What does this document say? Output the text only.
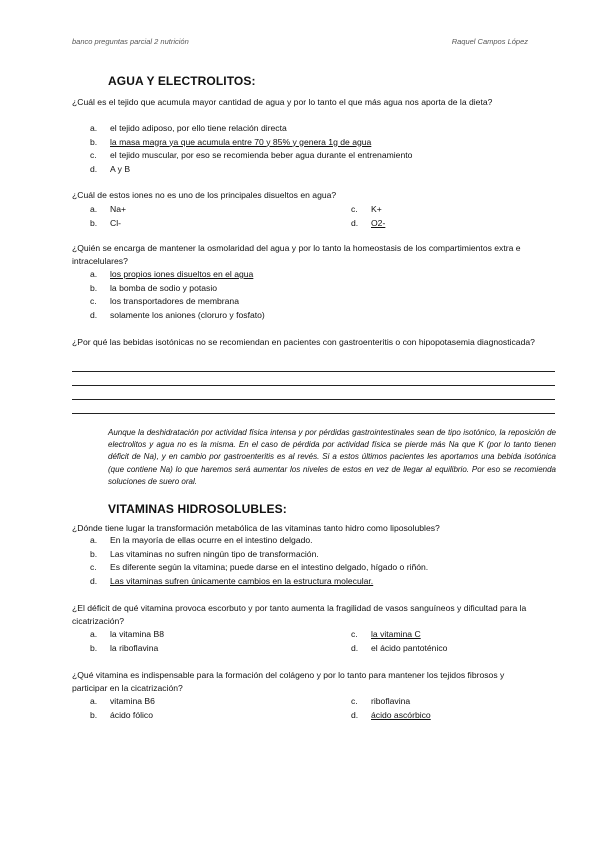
banco preguntas parcial 2 nutrición	Raquel Campos López
AGUA Y ELECTROLITOS:
¿Cuál es el tejido que acumula mayor cantidad de agua y por lo tanto el que más agua nos aporta de la dieta?
a. el tejido adiposo, por ello tiene relación directa
b. la masa magra ya que acumula entre 70 y 85% y genera 1g de agua
c. el tejido muscular, por eso se recomienda beber agua durante el entrenamiento
d. A y B
¿Cuál de estos iones no es uno de los principales disueltos en agua?
a. Na+
b. Cl-
c. K+
d. O2-
¿Quién se encarga de mantener la osmolaridad del agua y por lo tanto la homeostasis de los compartimientos extra e intracelulares?
a. los propios iones disueltos en el agua
b. la bomba de sodio y potasio
c. los transportadores de membrana
d. solamente los aniones (cloruro y fosfato)
¿Por qué las bebidas isotónicas no se recomiendan en pacientes con gastroenteritis o con hipopotasemia diagnosticada?
Aunque la deshidratación por actividad física intensa y por pérdidas gastrointestinales sean de tipo isotónico, la reposición de electrolitos y agua no es la misma. En el caso de pérdida por actividad física se pierde más Na que K (por lo tanto tienen déficit de Na), y en cambio por gastroenteritis es al revés. Si a estos últimos pacientes les aportamos una bebida isotónica (que contiene Na) lo que haremos será aumentar los niveles de estos en vez de llegar al equilibrio. Por eso se recomienda soluciones de suero oral.
VITAMINAS HIDROSOLUBLES:
¿Dónde tiene lugar la transformación metabólica de las vitaminas tanto hidro como liposolubles?
a. En la mayoría de ellas ocurre en el intestino delgado.
b. Las vitaminas no sufren ningún tipo de transformación.
c. Es diferente según la vitamina; puede darse en el intestino delgado, hígado o riñón.
d. Las vitaminas sufren únicamente cambios en la estructura molecular.
¿El déficit de qué vitamina provoca escorbuto y por tanto aumenta la fragilidad de vasos sanguíneos y dificultad para la cicatrización?
a. la vitamina B8
b. la riboflavina
c. la vitamina C
d. el ácido pantoténico
¿Qué vitamina es indispensable para la formación del colágeno y por lo tanto para mantener los tejidos fibrosos y participar en la cicatrización?
a. vitamina B6
b. ácido fólico
c. riboflavina
d. ácido ascórbico
